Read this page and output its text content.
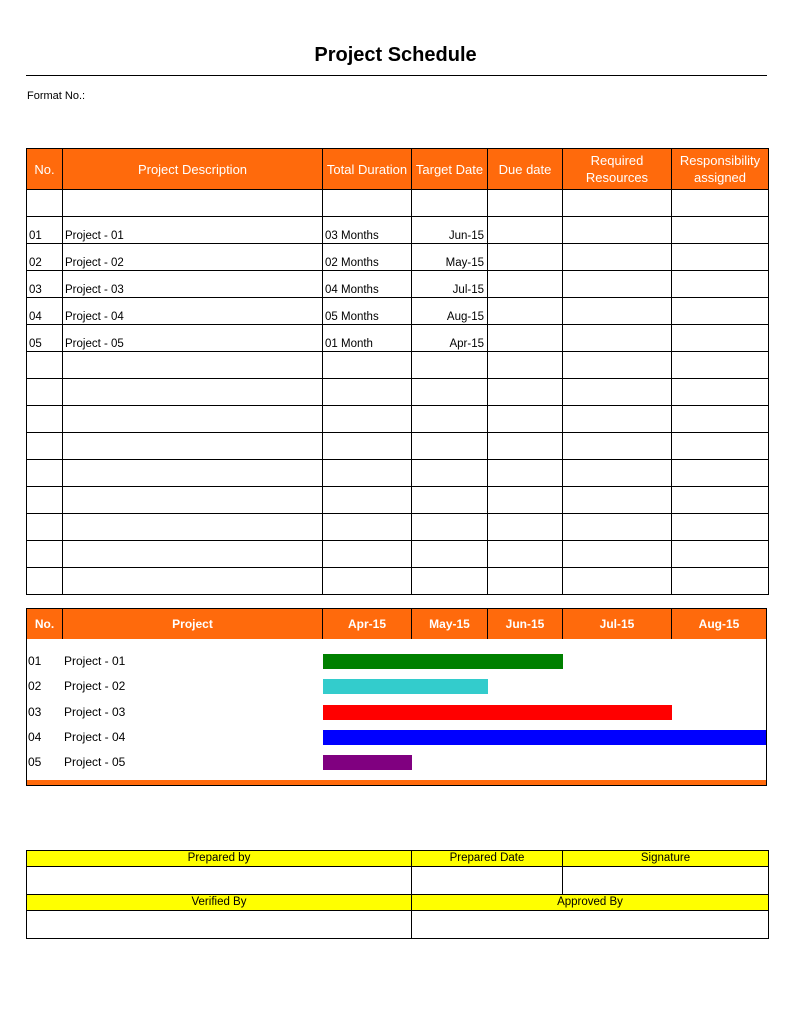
Project Schedule
Format No.:
No.	Project Description	Total Duration	Target Date	Due date	Required Resources	Responsibility assigned

01	Project - 01	03 Months	Jun-15			
02	Project - 02	02 Months	May-15			
03	Project - 03	04 Months	Jul-15			
04	Project - 04	05 Months	Aug-15			
05	Project - 05	01 Month	Apr-15			

No.	Project	Apr-15	May-15	Jun-15	Jul-15	Aug-15
01 Project - 01
02 Project - 02
03 Project - 03
04 Project - 04
05 Project - 05
Prepared by	Prepared Date	Signature

Verified By	Approved By	
